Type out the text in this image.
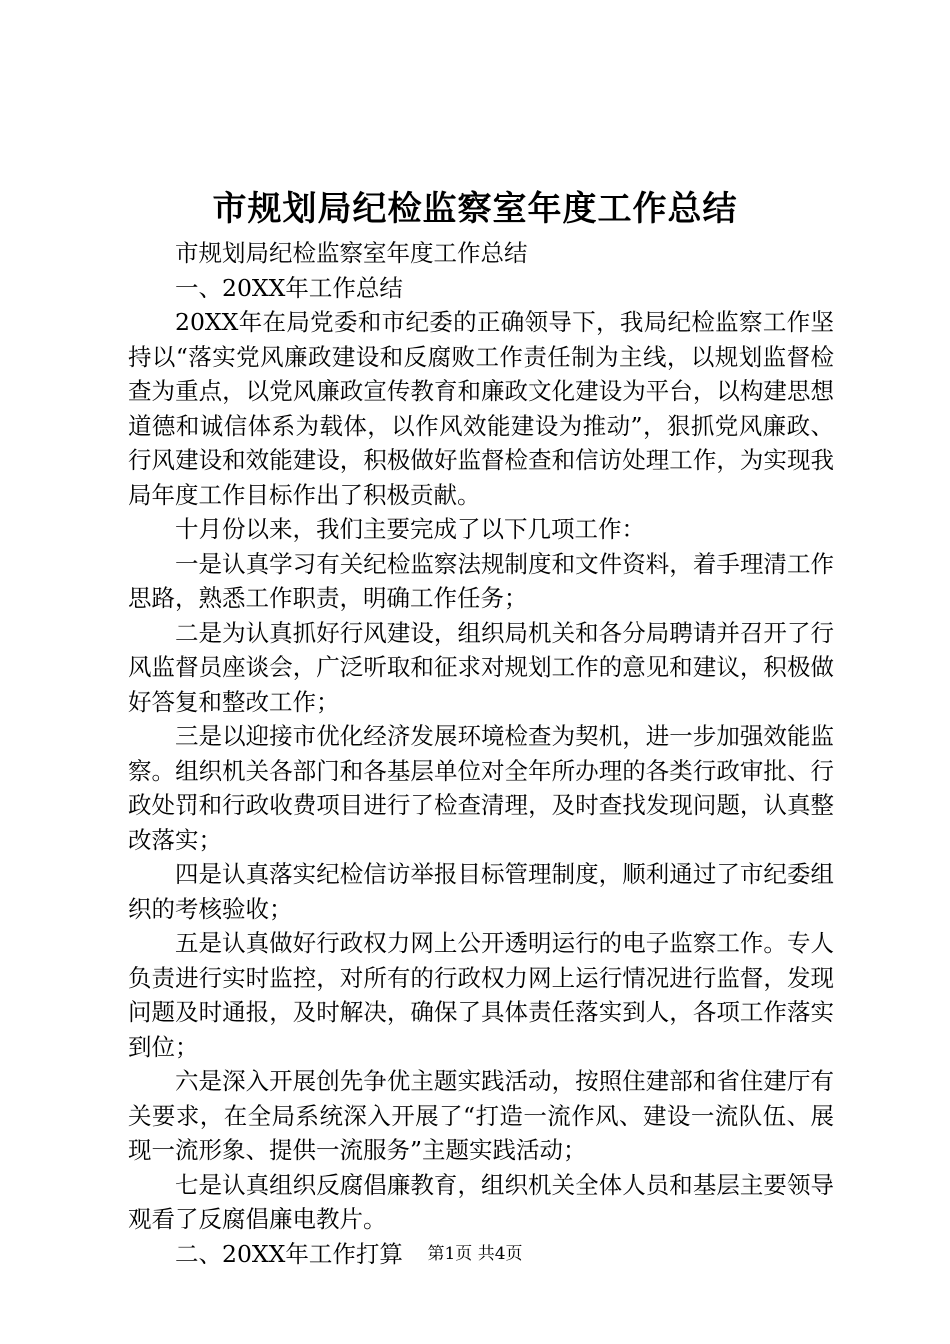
市规划局纪检监察室年度工作总结

市规划局纪检监察室年度工作总结

一、20XX年工作总结

20XX年在局党委和市纪委的正确领导下，我局纪检监察工作坚持以“落实党风廉政建设和反腐败工作责任制为主线，以规划监督检查为重点，以党风廉政宣传教育和廉政文化建设为平台，以构建思想道德和诚信体系为载体，以作风效能建设为推动”，狠抓党风廉政、行风建设和效能建设，积极做好监督检查和信访处理工作，为实现我局年度工作目标作出了积极贡献。

十月份以来，我们主要完成了以下几项工作：

一是认真学习有关纪检监察法规制度和文件资料，着手理清工作思路，熟悉工作职责，明确工作任务；

二是为认真抓好行风建设，组织局机关和各分局聘请并召开了行风监督员座谈会，广泛听取和征求对规划工作的意见和建议，积极做好答复和整改工作；

三是以迎接市优化经济发展环境检查为契机，进一步加强效能监察。组织机关各部门和各基层单位对全年所办理的各类行政审批、行政处罚和行政收费项目进行了检查清理，及时查找发现问题，认真整改落实；

四是认真落实纪检信访举报目标管理制度，顺利通过了市纪委组织的考核验收；

五是认真做好行政权力网上公开透明运行的电子监察工作。专人负责进行实时监控，对所有的行政权力网上运行情况进行监督，发现问题及时通报，及时解决，确保了具体责任落实到人，各项工作落实到位；

六是深入开展创先争优主题实践活动，按照住建部和省住建厅有关要求，在全局系统深入开展了“打造一流作风、建设一流队伍、展现一流形象、提供一流服务”主题实践活动；

七是认真组织反腐倡廉教育，组织机关全体人员和基层主要领导观看了反腐倡廉电教片。

二、20XX年工作打算	第1页 共4页
